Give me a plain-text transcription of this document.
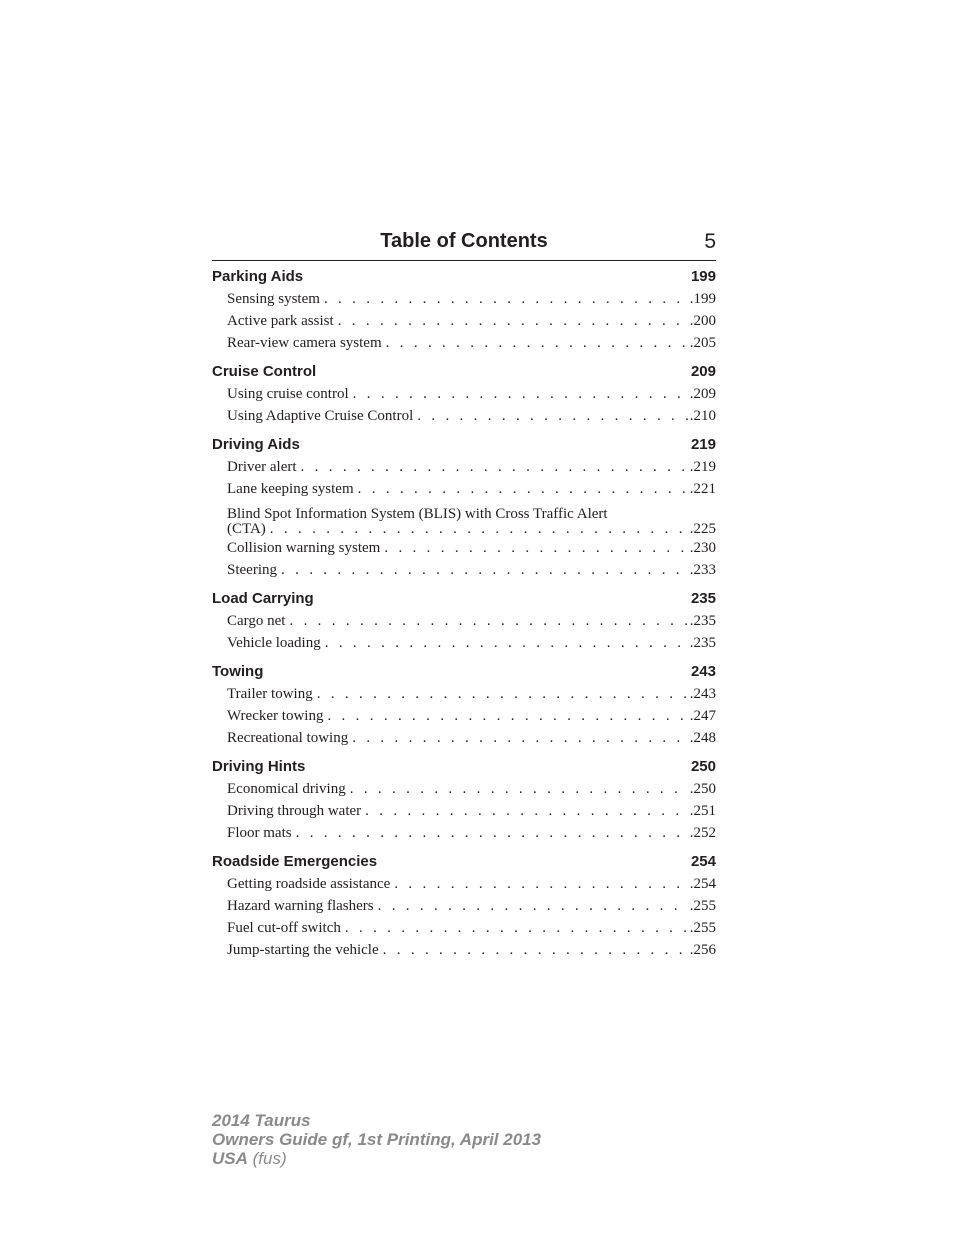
Table of Contents	5
Parking Aids	199
Sensing system . . .	.199
Active park assist . . .	.200
Rear-view camera system . . .	.205
Cruise Control	209
Using cruise control . . .	.209
Using Adaptive Cruise Control . . .	.210
Driving Aids	219
Driver alert . . .	.219
Lane keeping system . . .	.221
Blind Spot Information System (BLIS) with Cross Traffic Alert
(CTA) . . .	.225
Collision warning system . . .	.230
Steering . . .	.233
Load Carrying	235
Cargo net . . .	.235
Vehicle loading . . .	.235
Towing	243
Trailer towing . . .	.243
Wrecker towing . . .	.247
Recreational towing . . .	.248
Driving Hints	250
Economical driving . . .	.250
Driving through water . . .	.251
Floor mats . . .	.252
Roadside Emergencies	254
Getting roadside assistance . . .	.254
Hazard warning flashers . . .	.255
Fuel cut-off switch . . .	.255
Jump-starting the vehicle . . .	.256
2014 Taurus
Owners Guide gf, 1st Printing, April 2013
USA (fus)
